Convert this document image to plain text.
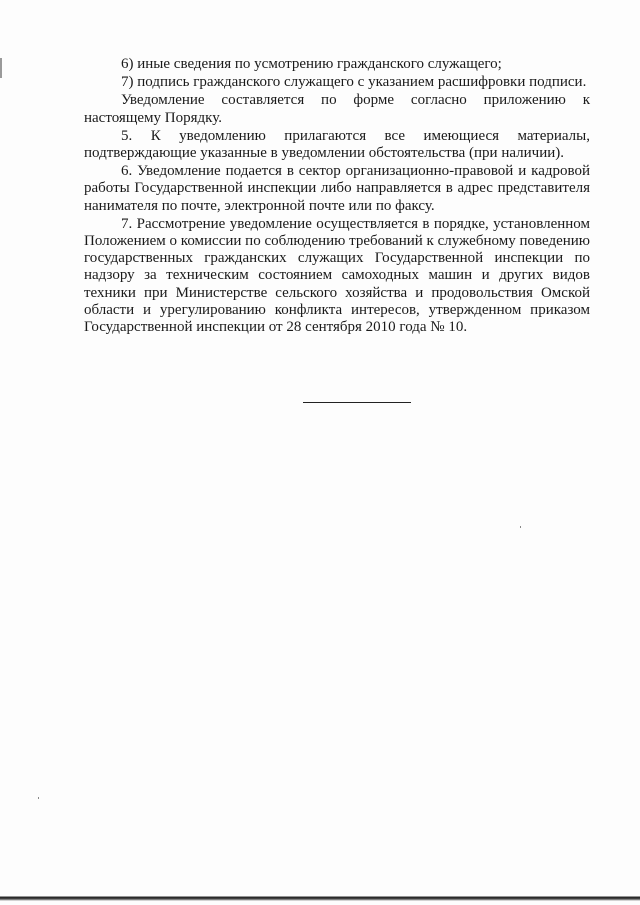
6) иные сведения по усмотрению гражданского служащего;

7) подпись гражданского служащего с указанием расшифровки подписи.

Уведомление составляется по форме согласно приложению к настоящему Порядку.

5. К уведомлению прилагаются все имеющиеся материалы, подтверждающие указанные в уведомлении обстоятельства (при наличии).

6. Уведомление подается в сектор организационно-правовой и кадровой работы Государственной инспекции либо направляется в адрес представителя нанимателя по почте, электронной почте или по факсу.

7. Рассмотрение уведомление осуществляется в порядке, установленном Положением о комиссии по соблюдению требований к служебному поведению государственных гражданских служащих Государственной инспекции по надзору за техническим состоянием самоходных машин и других видов техники при Министерстве сельского хозяйства и продовольствия Омской области и урегулированию конфликта интересов, утвержденном приказом Государственной инспекции от 28 сентября 2010 года № 10.
